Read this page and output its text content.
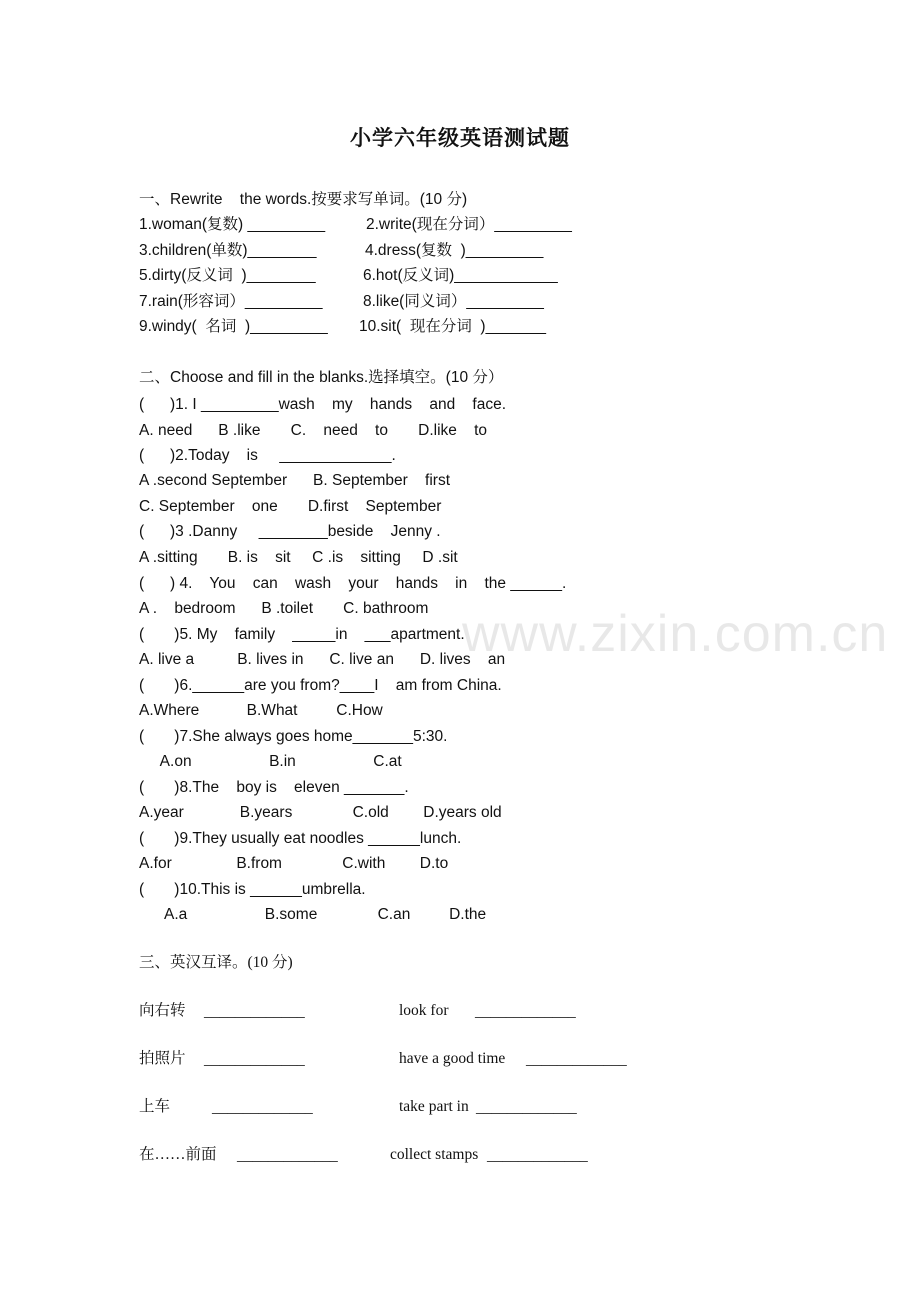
www.zixin.com.cn
小学六年级英语测试题
一、Rewrite    the words.按要求写单词。(10 分)
1.woman(复数) _________	2.write(现在分词）_________
3.children(单数)________	4.dress(复数  )_________
5.dirty(反义词  )________	6.hot(反义词)____________
7.rain(形容词）_________	8.like(同义词）_________
9.windy(  名词  )_________ 10.sit(  现在分词  )_______
二、Choose and fill in the blanks.选择填空。(10 分）
(      )1. I _________wash    my    hands    and    face.
A. need      B .like       C.    need    to       D.like    to
(      )2.Today    is     _____________.
A .second September      B. September    first
C. September    one       D.first    September
(      )3 .Danny     ________beside    Jenny .
A .sitting       B. is    sit     C .is    sitting     D .sit
(      ) 4.    You    can    wash    your    hands    in    the ______.
A .    bedroom      B .toilet       C. bathroom
(       )5. My    family    _____in    ___apartment.
A. live a          B. lives in      C. live an      D. lives    an
(       )6.______are you from?____I    am from China.
A.Where           B.What         C.How
(       )7.She always goes home_______5:30.
A.on                  B.in                  C.at
(       )8.The    boy is    eleven _______.
A.year             B.years              C.old        D.years old
(       )9.They usually eat noodles ______lunch.
A.for               B.from              C.with        D.to
(       )10.This is ______umbrella.
A.a                  B.some              C.an         D.the
三、英汉互译。(10 分)
向右转 _____________	look for _____________
拍照片 _____________	have a good time _____________
上车	_____________	take part in _____________
在……前面 _____________	collect stamps _____________
